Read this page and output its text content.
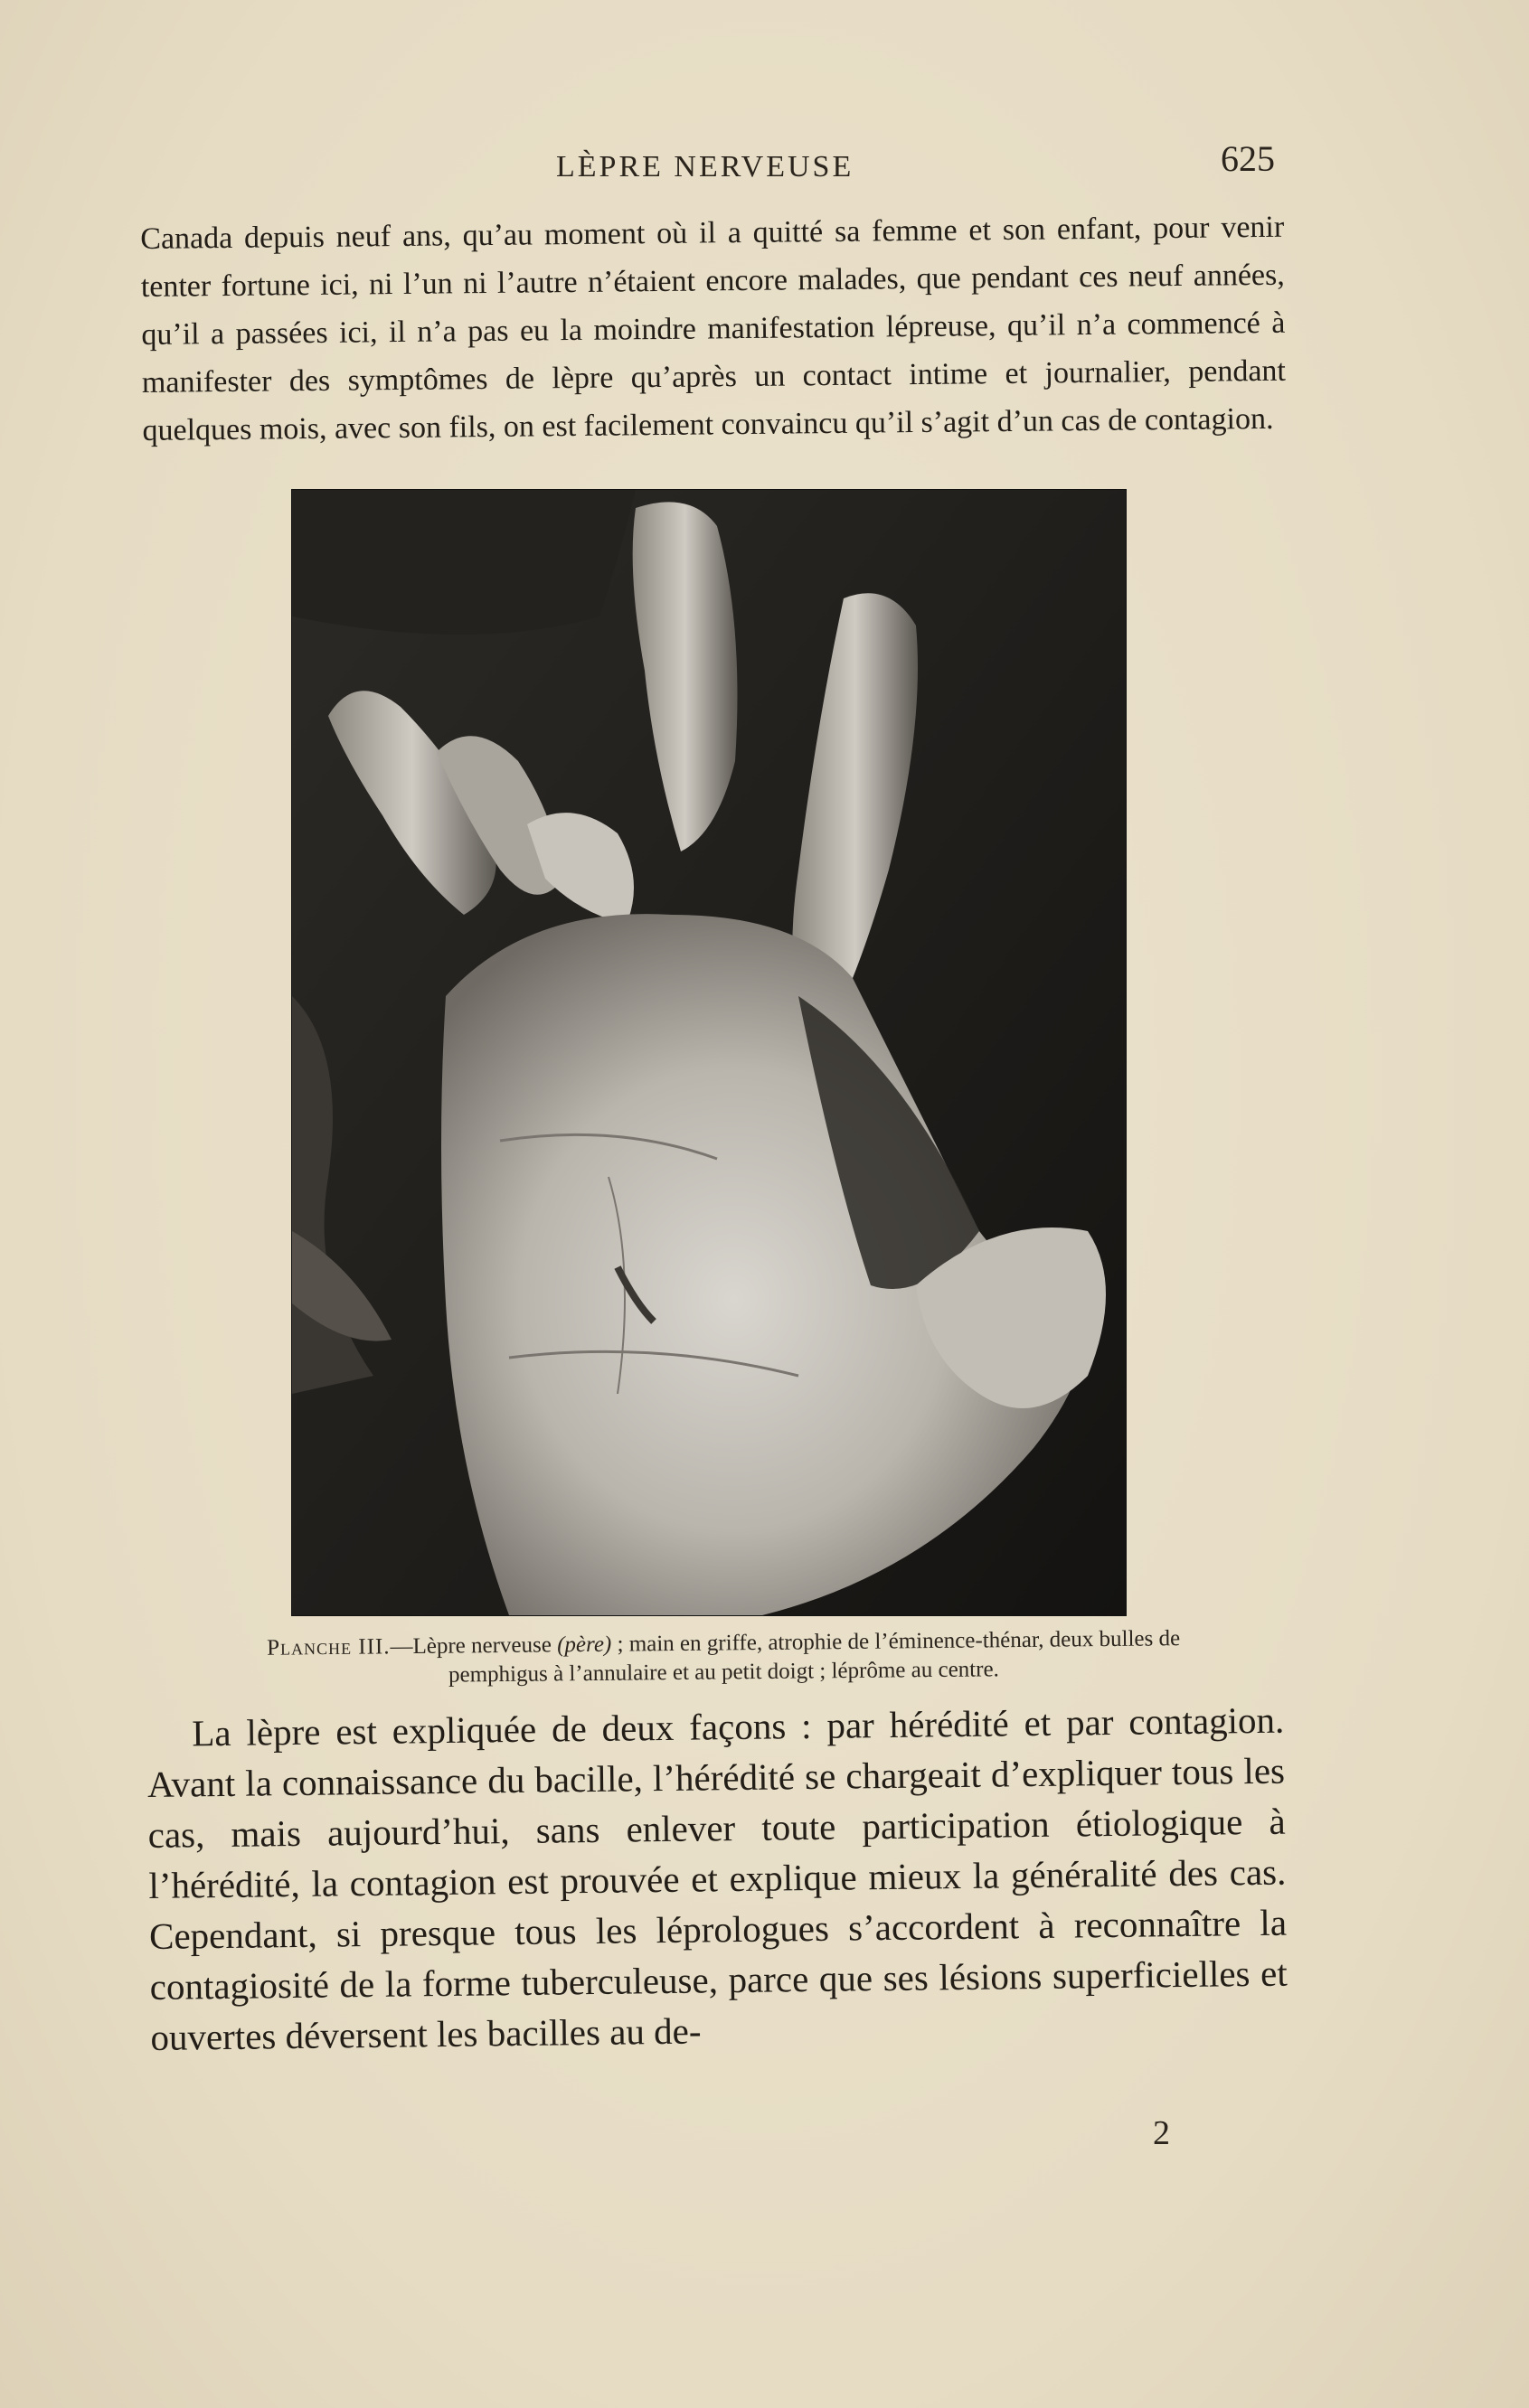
LÈPRE NERVEUSE	625

Canada depuis neuf ans, qu’au moment où il a quitté sa femme et son enfant, pour venir tenter fortune ici, ni l’un ni l’autre n’étaient encore malades, que pendant ces neuf années, qu’il a passées ici, il n’a pas eu la moindre manifestation lépreuse, qu’il n’a commencé à manifester des symptômes de lèpre qu’après un contact intime et journalier, pendant quelques mois, avec son fils, on est facilement convaincu qu’il s’agit d’un cas de contagion.

Planche III.—Lèpre nerveuse (père) ; main en griffe, atrophie de l’éminence-thénar, deux bulles de pemphigus à l’annulaire et au petit doigt ; léprôme au centre.

La lèpre est expliquée de deux façons : par hérédité et par contagion. Avant la connaissance du bacille, l’hérédité se chargeait d’expliquer tous les cas, mais aujourd’hui, sans enlever toute participation étiologique à l’hérédité, la contagion est prouvée et explique mieux la généralité des cas. Cependant, si presque tous les léprologues s’accordent à reconnaître la contagiosité de la forme tuberculeuse, parce que ses lésions superficielles et ouvertes déversent les bacilles au de-

2
